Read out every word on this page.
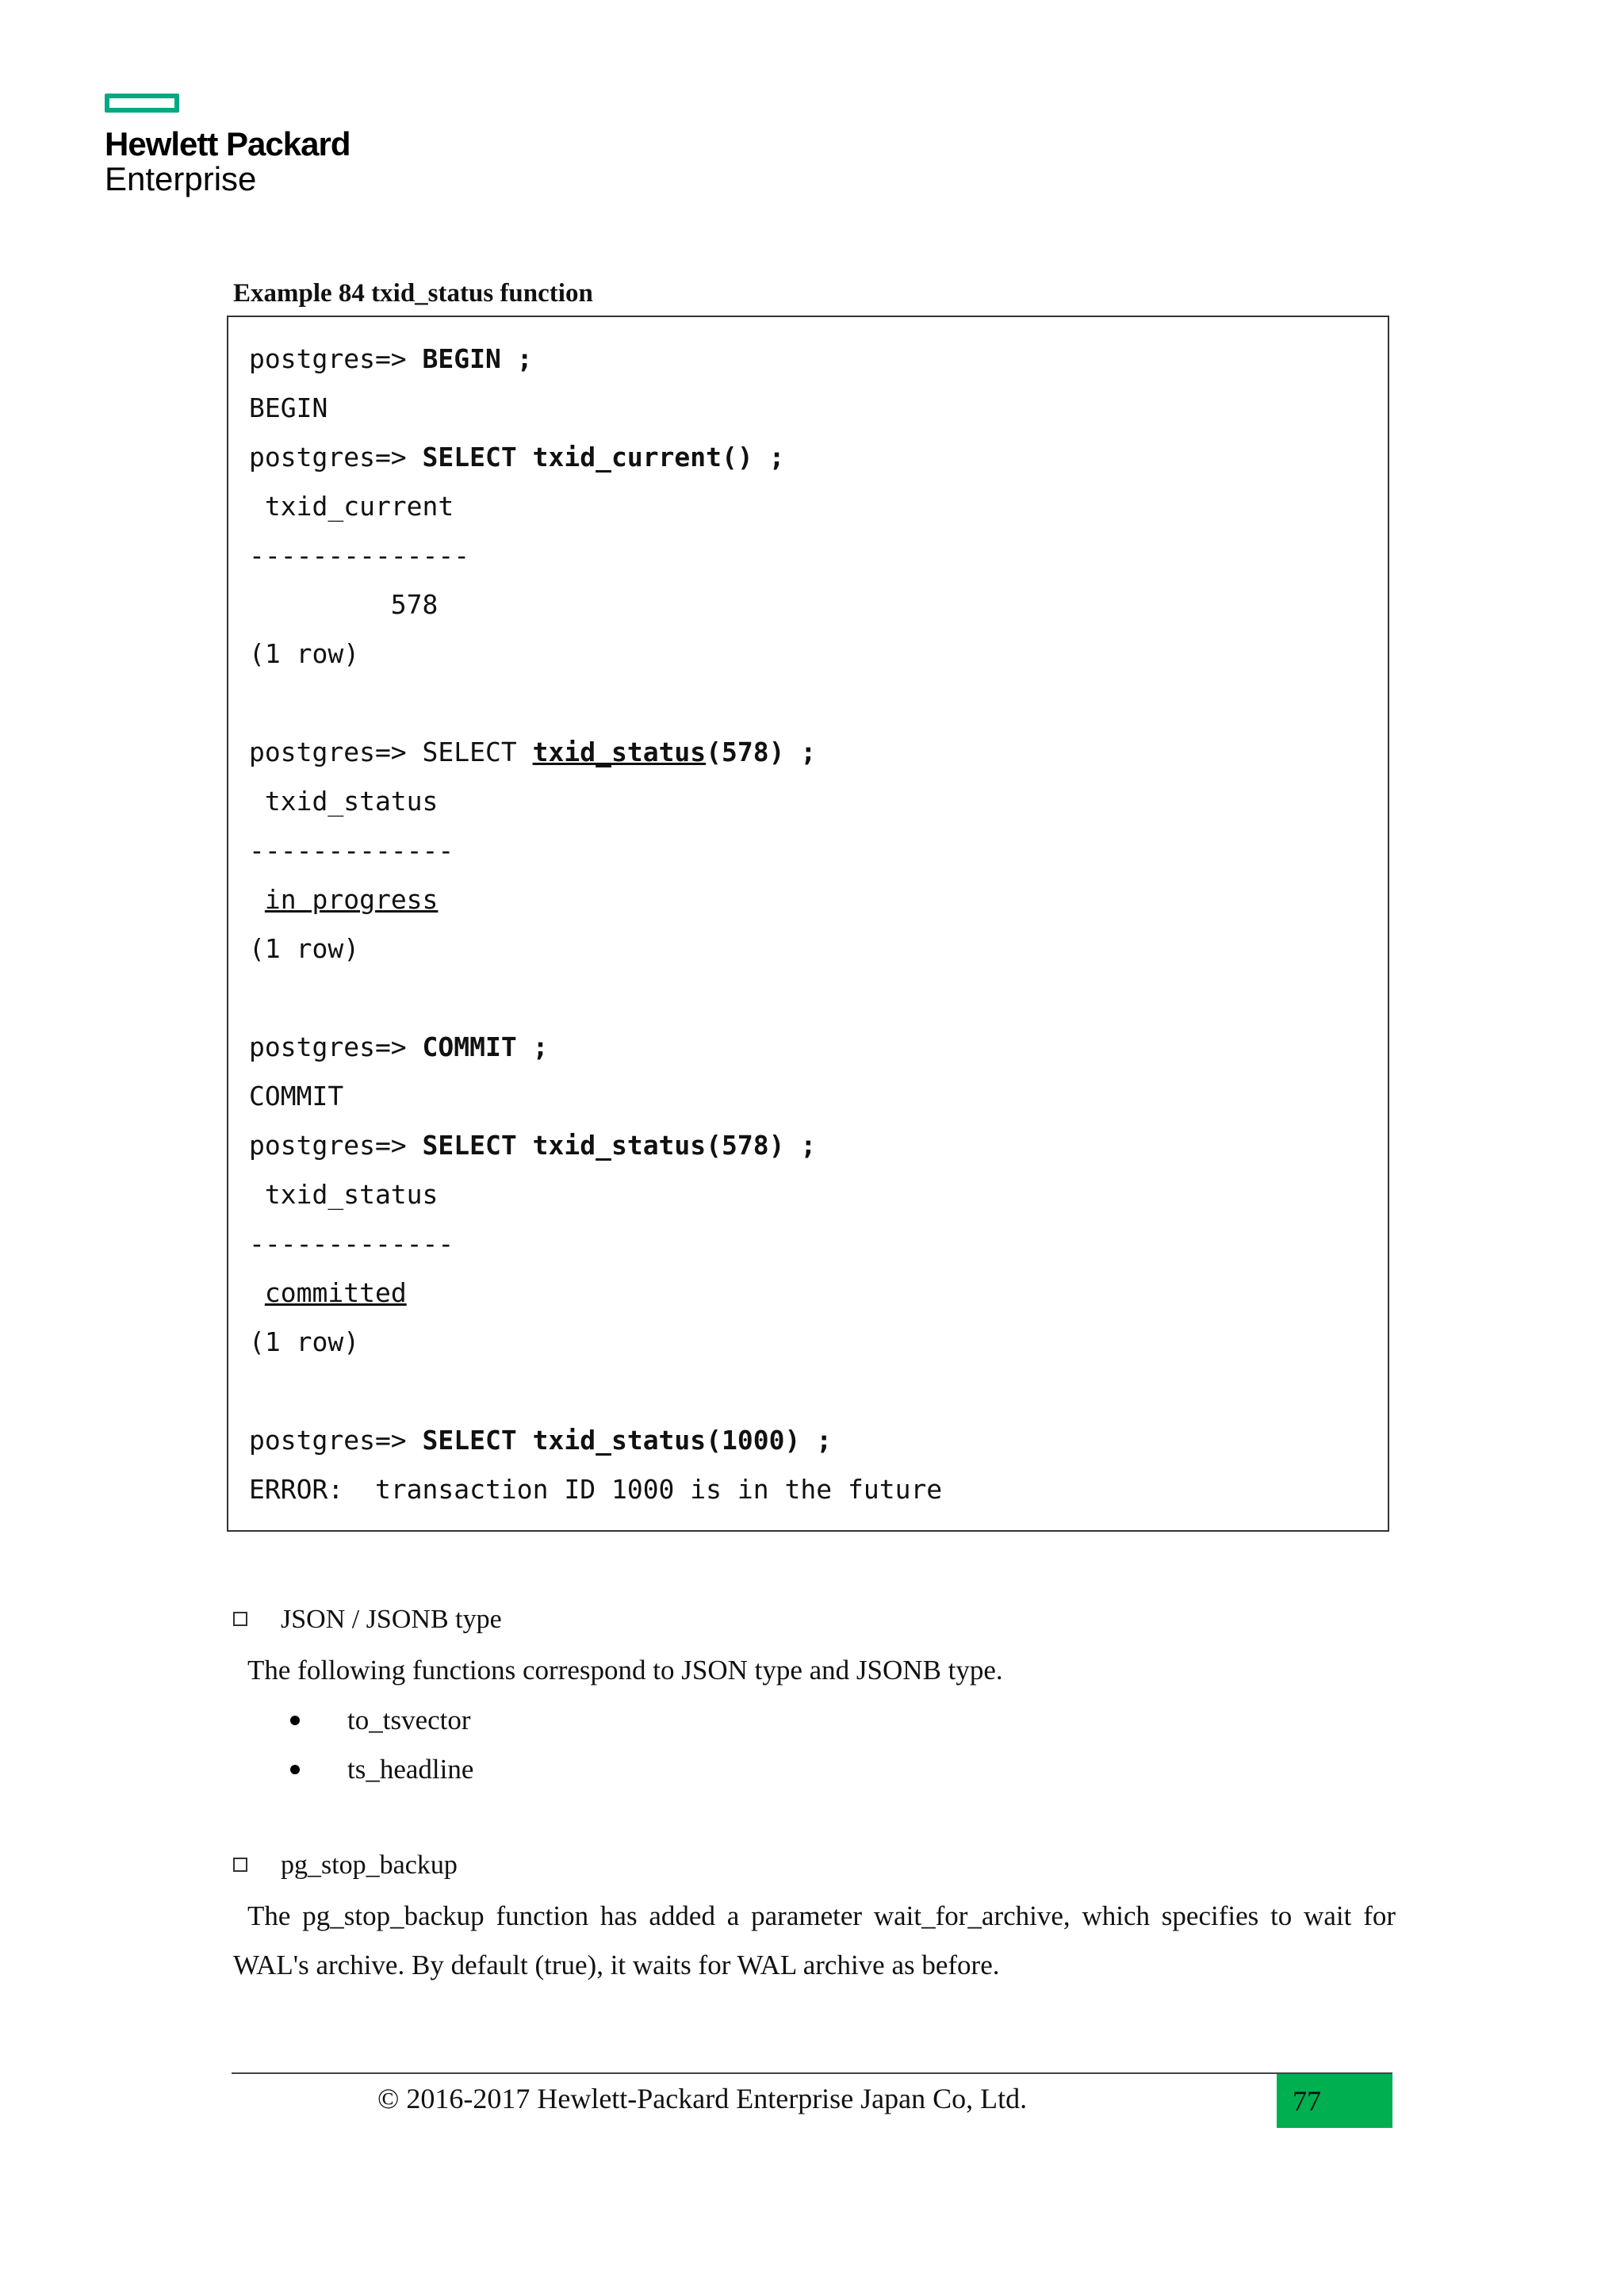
Hewlett Packard
Enterprise
Example 84 txid_status function
postgres=> BEGIN ;
BEGIN
postgres=> SELECT txid_current() ;
txid_current
--------------
578
(1 row)
postgres=> SELECT txid_status(578) ;
txid_status
-------------
in progress
(1 row)
postgres=> COMMIT ;
COMMIT
postgres=> SELECT txid_status(578) ;
txid_status
-------------
committed
(1 row)
postgres=> SELECT txid_status(1000) ;
ERROR:  transaction ID 1000 is in the future
JSON / JSONB type
The following functions correspond to JSON type and JSONB type.
to_tsvector
ts_headline
pg_stop_backup
The pg_stop_backup function has added a parameter wait_for_archive, which specifies to wait for
WAL's archive. By default (true), it waits for WAL archive as before.
© 2016-2017 Hewlett-Packard Enterprise Japan Co, Ltd.	77
